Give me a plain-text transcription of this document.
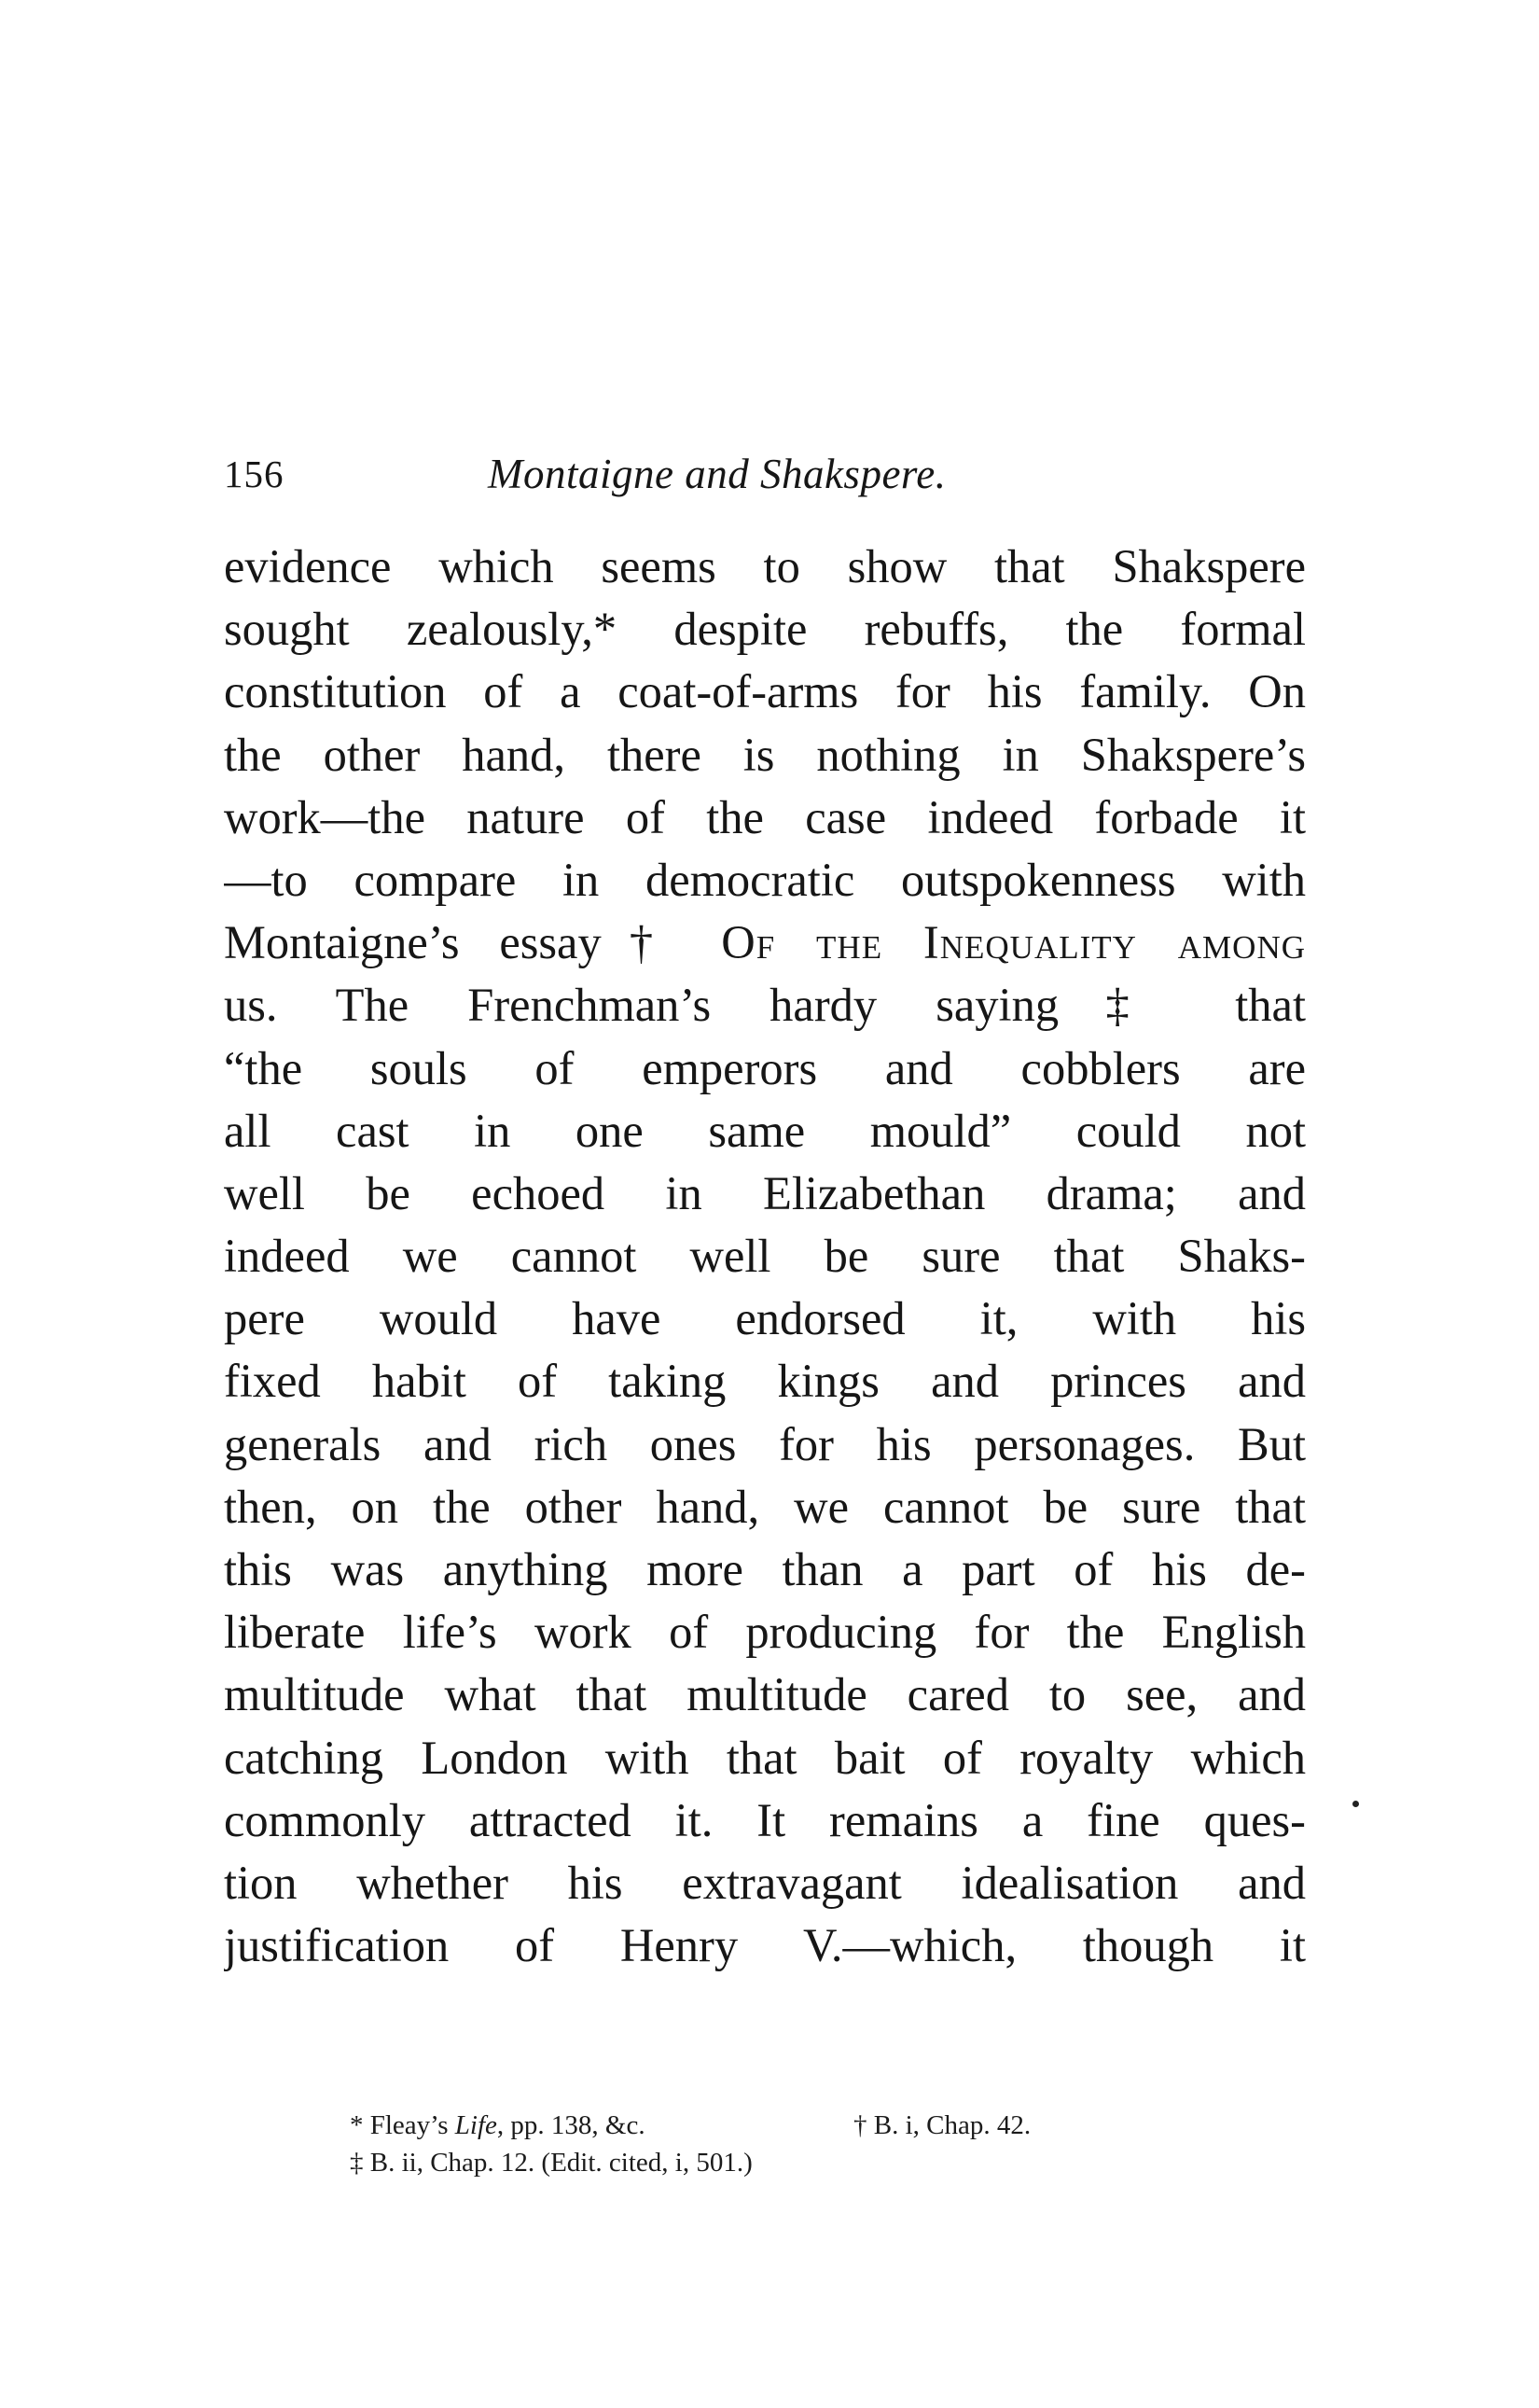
156	Montaigne and Shakspere.
evidence which seems to show that Shakspere
sought zealously,* despite rebuffs, the formal
constitution of a coat-of-arms for his family. On
the other hand, there is nothing in Shakspere’s
work—the nature of the case indeed forbade it
—to compare in democratic outspokenness with
Montaigne’s essay† Of the Inequality among
us. The Frenchman’s hardy saying‡ that
“the souls of emperors and cobblers are
all cast in one same mould” could not
well be echoed in Elizabethan drama; and
indeed we cannot well be sure that Shaks-
pere would have endorsed it, with his
fixed habit of taking kings and princes and
generals and rich ones for his personages. But
then, on the other hand, we cannot be sure that
this was anything more than a part of his de-
liberate life’s work of producing for the English
multitude what that multitude cared to see, and
catching London with that bait of royalty which
commonly attracted it. It remains a fine ques-
tion whether his extravagant idealisation and
justification of Henry V.—which, though it
* Fleay’s Life, pp. 138, &c.	† B. i, Chap. 42.
‡ B. ii, Chap. 12. (Edit. cited, i, 501.)
